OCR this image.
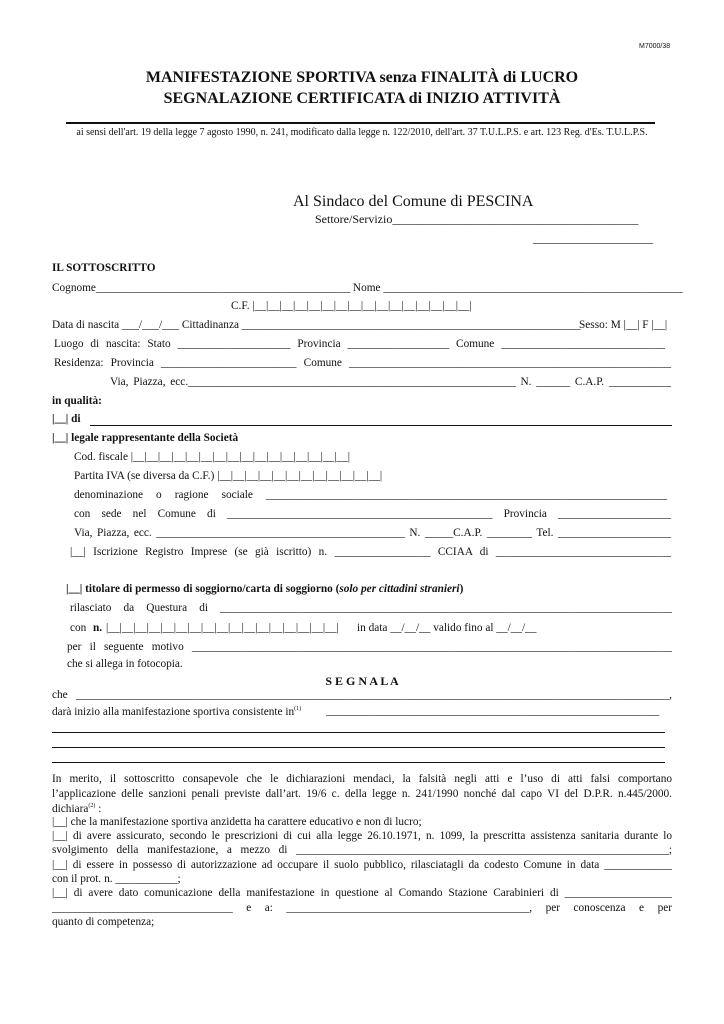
M7000/38
MANIFESTAZIONE SPORTIVA senza FINALITÀ di LUCRO
SEGNALAZIONE CERTIFICATA di INIZIO ATTIVITÀ
ai sensi dell'art. 19 della legge 7 agosto 1990, n. 241, modificato dalla legge n. 122/2010, dell'art. 37 T.U.L.P.S. e art. 123 Reg. d'Es. T.U.L.P.S.
Al Sindaco del Comune di PESCINA
Settore/Servizio_________________________________________
____________________
IL SOTTOSCRITTO
Cognome_____________________________________________ Nome _____________________________________________________
C.F. |__|__|__|__|__|__|__|__|__|__|__|__|__|__|__|__|
Data di nascita ___/___/___ Cittadinanza ____________________________________________________________
Sesso: M |__| F |__|
Luogo di nascita: Stato ____________________ Provincia __________________ Comune _____________________________
Residenza: Provincia ________________________ Comune _________________________________________________________
Via, Piazza, ecc.__________________________________________________________ N. ______ C.A.P. ___________
in qualità:
|__| di
|__| legale rappresentante della Società
Cod. fiscale |__|__|__|__|__|__|__|__|__|__|__|__|__|__|__|__|
Partita IVA (se diversa da C.F.) |__|__|__|__|__|__|__|__|__|__|__|__|
denominazione o ragione sociale _______________________________________________________________________
con sede nel Comune di _______________________________________________ Provincia ____________________
Via, Piazza, ecc. ____________________________________________ N. _____C.A.P. ________ Tel. ____________________
|__| Iscrizione Registro Imprese (se già iscritto) n. _________________ CCIAA di _______________________________
|__| titolare di permesso di soggiorno/carta di soggiorno (solo per cittadini stranieri)
rilasciato da Questura di ________________________________________________________________________________
con n. |__|__|__|__|__|__|__|__|__|__|__|__|__|__|__|__|__| in data __/__/__ valido fino al __/__/__
per il seguente motivo _____________________________________________________________________________________
che si allega in fotocopia.
S E G N A L A
che _________________________________________________________________________________________________________,
darà inizio alla manifestazione sportiva consistente $in^{(1)}$ ___________________________________________________________
In merito, il sottoscritto consapevole che le dichiarazioni mendaci, la falsità negli atti e l’uso di atti falsi comportano
l’applicazione delle sanzioni penali previste dall’art. 19/6 c. della legge n. 241/1990 nonché dal capo VI del D.P.R. n.445/2000.
dichiara$^{(2)}$ :
|__| che la manifestazione sportiva anzidetta ha carattere educativo e non di lucro;
|__| di avere assicurato, secondo le prescrizioni di cui alla legge 26.10.1971, n. 1099, la prescritta assistenza sanitaria durante lo
svolgimento della manifestazione, a mezzo di __________________________________________________________________;
|__| di essere in possesso di autorizzazione ad occupare il suolo pubblico, rilasciatagli da codesto Comune in data ____________
con il prot. n. ___________;
|__| di avere dato comunicazione della manifestazione in questione al Comando Stazione Carabinieri di ___________________
________________________________ e a: ___________________________________________, per conoscenza e per
quanto di competenza;
